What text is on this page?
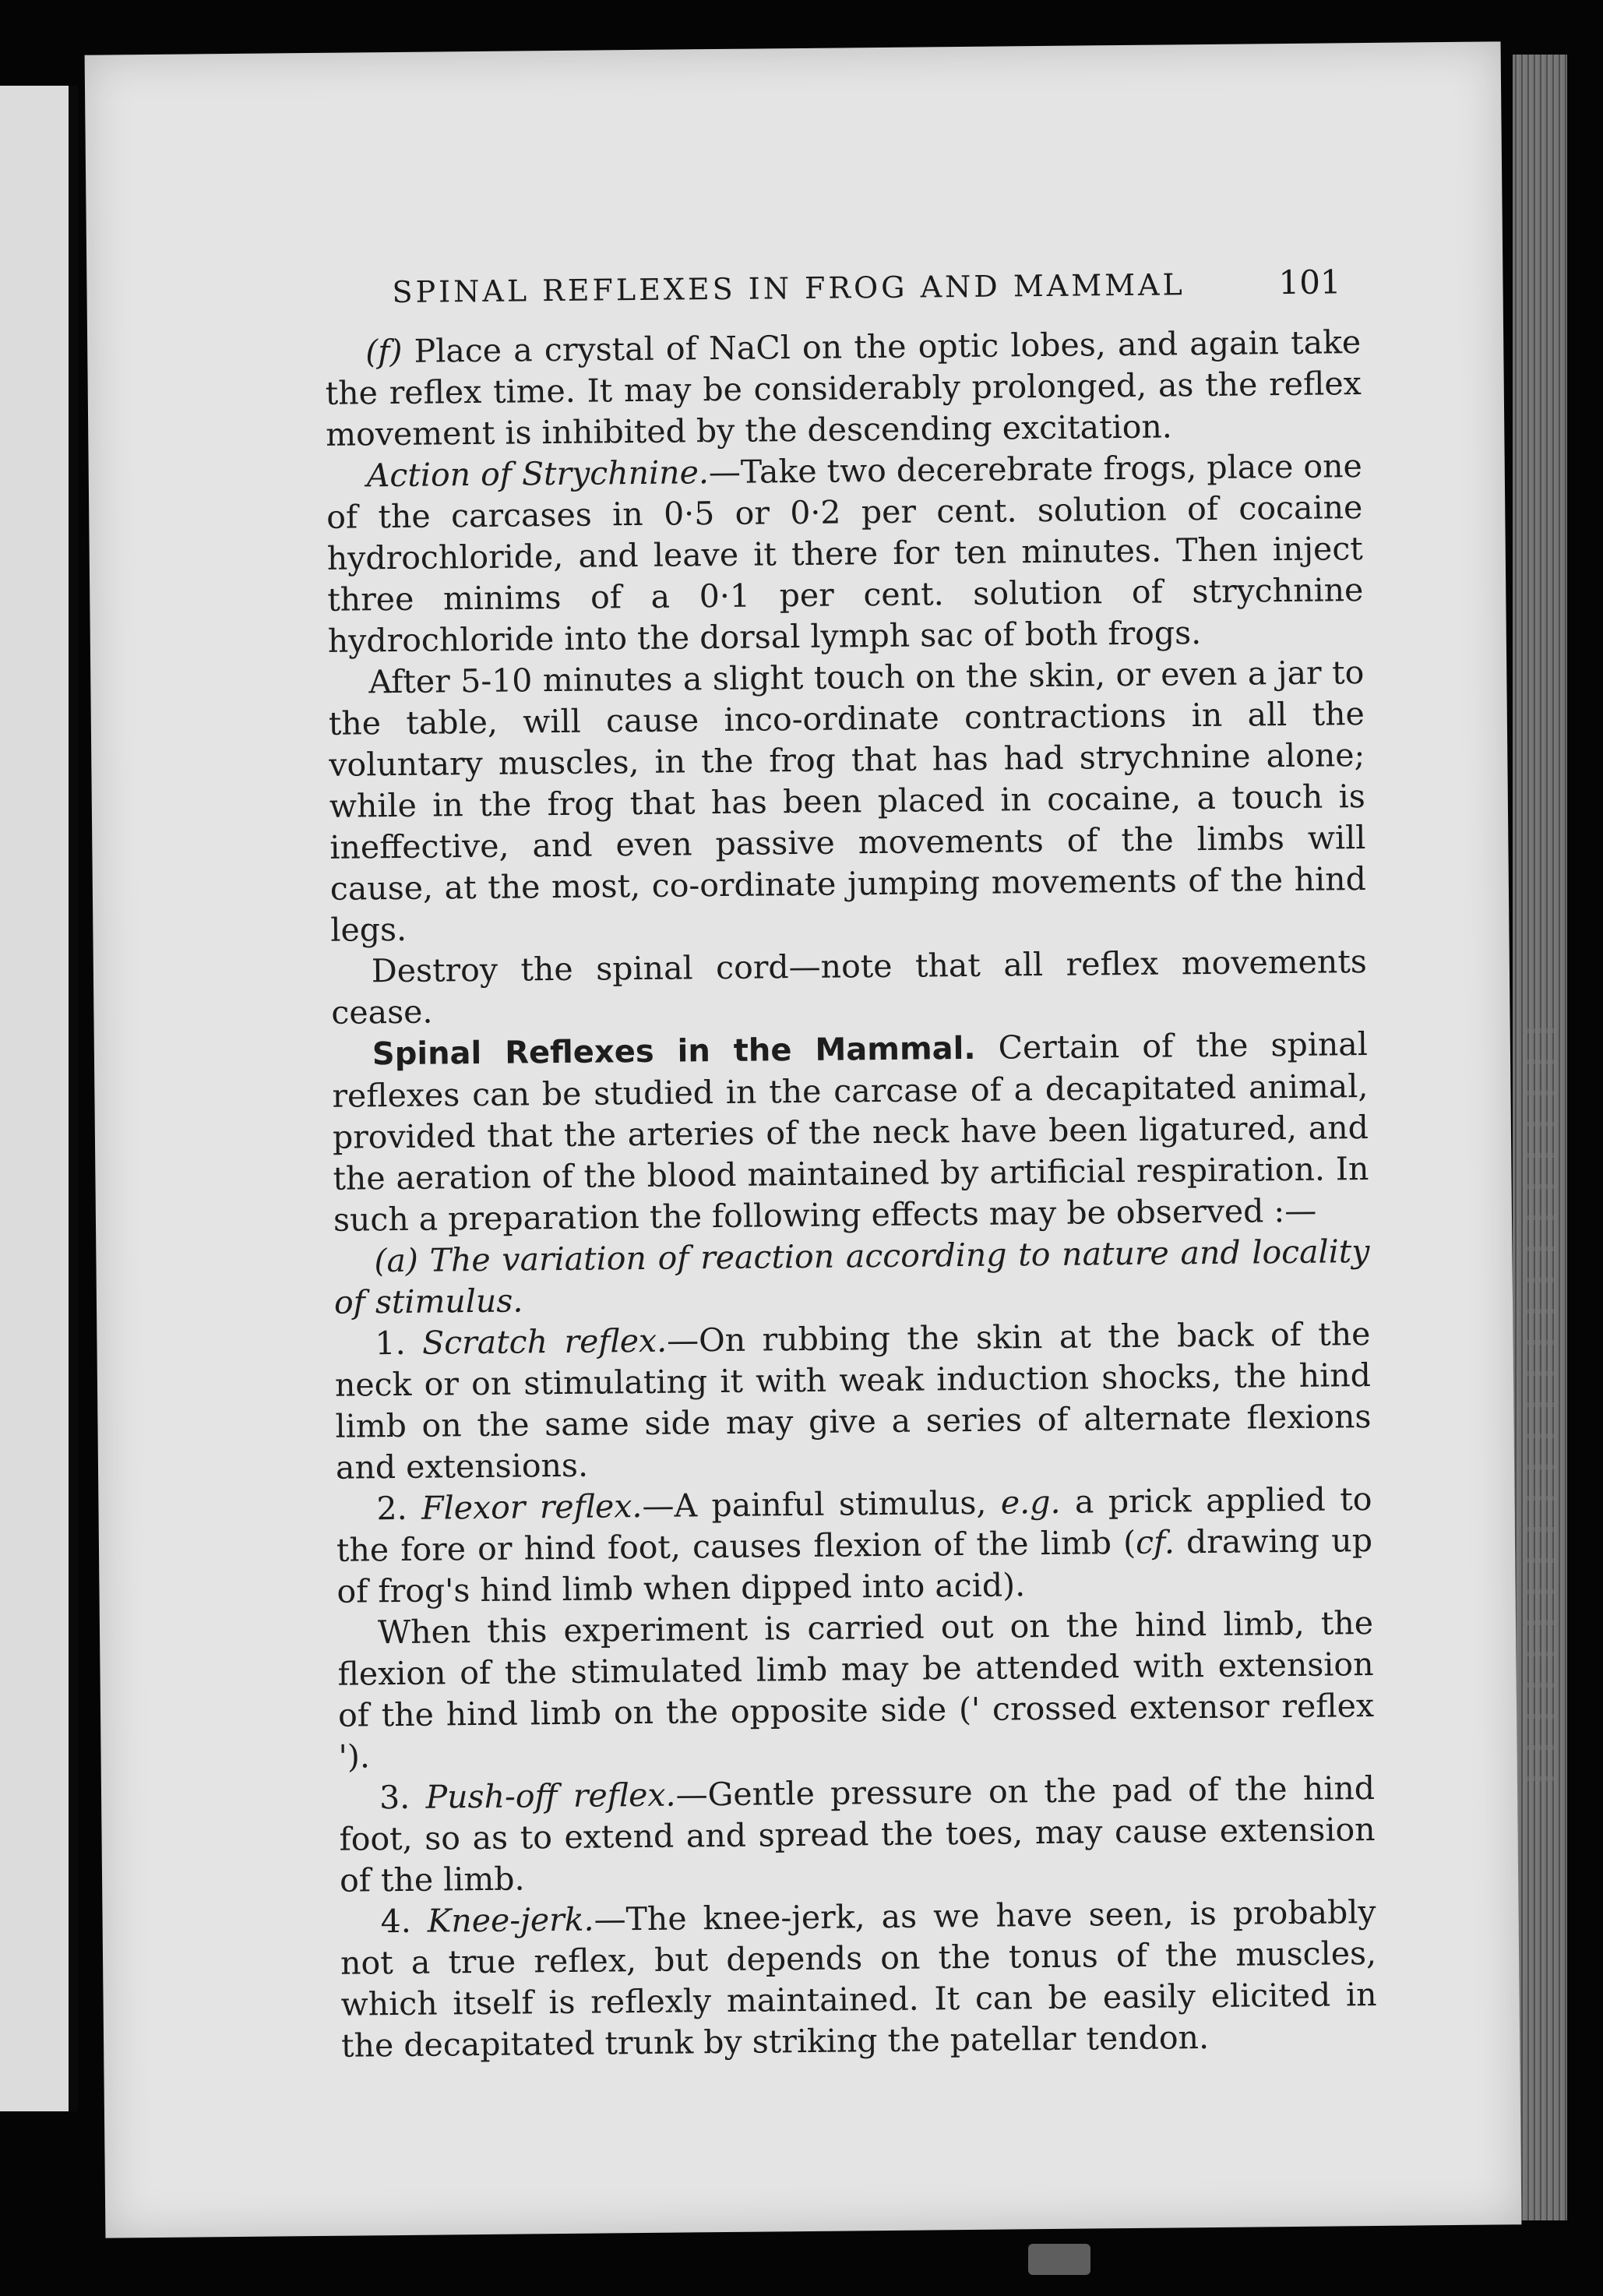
SPINAL REFLEXES IN FROG AND MAMMAL	101

(f) Place a crystal of NaCl on the optic lobes, and again take the reflex time. It may be considerably prolonged, as the reflex movement is inhibited by the descending excitation.

Action of Strychnine.—Take two decerebrate frogs, place one of the carcases in 0·5 or 0·2 per cent. solution of cocaine hydrochloride, and leave it there for ten minutes. Then inject three minims of a 0·1 per cent. solution of strychnine hydrochloride into the dorsal lymph sac of both frogs.

After 5-10 minutes a slight touch on the skin, or even a jar to the table, will cause inco-ordinate contractions in all the voluntary muscles, in the frog that has had strychnine alone; while in the frog that has been placed in cocaine, a touch is ineffective, and even passive movements of the limbs will cause, at the most, co-ordinate jumping movements of the hind legs.

Destroy the spinal cord—note that all reflex movements cease.

Spinal Reflexes in the Mammal. Certain of the spinal reflexes can be studied in the carcase of a decapitated animal, provided that the arteries of the neck have been ligatured, and the aeration of the blood maintained by artificial respiration. In such a preparation the following effects may be observed :—

(a) The variation of reaction according to nature and locality of stimulus.

1. Scratch reflex.—On rubbing the skin at the back of the neck or on stimulating it with weak induction shocks, the hind limb on the same side may give a series of alternate flexions and extensions.

2. Flexor reflex.—A painful stimulus, e.g. a prick applied to the fore or hind foot, causes flexion of the limb (cf. drawing up of frog's hind limb when dipped into acid).

When this experiment is carried out on the hind limb, the flexion of the stimulated limb may be attended with extension of the hind limb on the opposite side (' crossed extensor reflex ').

3. Push-off reflex.—Gentle pressure on the pad of the hind foot, so as to extend and spread the toes, may cause extension of the limb.

4. Knee-jerk.—The knee-jerk, as we have seen, is probably not a true reflex, but depends on the tonus of the muscles, which itself is reflexly maintained. It can be easily elicited in the decapitated trunk by striking the patellar tendon.
